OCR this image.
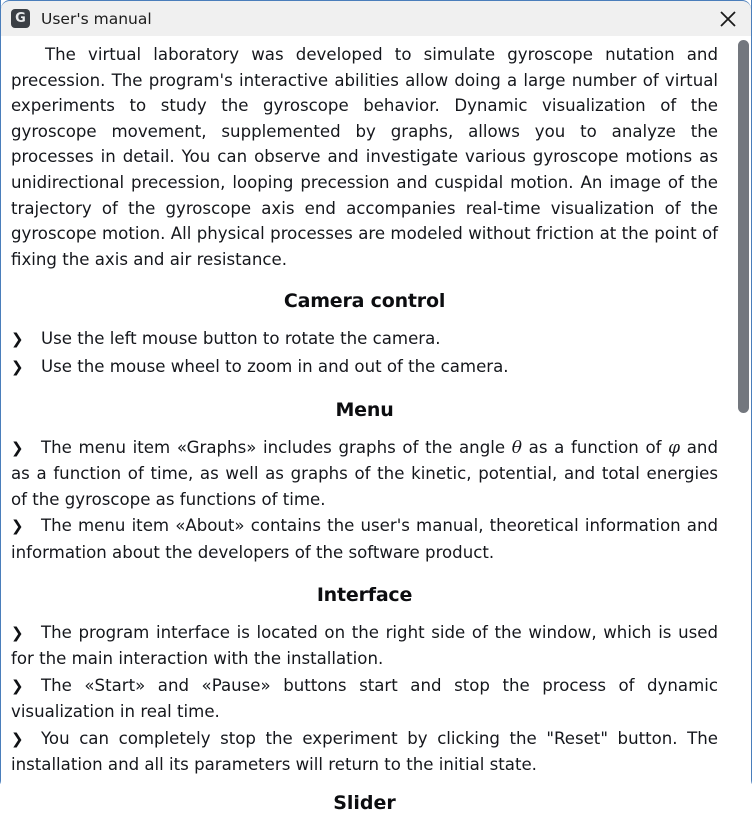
G User's manual

The virtual laboratory was developed to simulate gyroscope nutation and precession. The program's interactive abilities allow doing a large number of virtual experiments to study the gyroscope behavior. Dynamic visualization of the gyroscope movement, supplemented by graphs, allows you to analyze the processes in detail. You can observe and investigate various gyroscope motions as unidirectional precession, looping precession and cuspidal motion. An image of the trajectory of the gyroscope axis end accompanies real-time visualization of the gyroscope motion. All physical processes are modeled without friction at the point of fixing the axis and air resistance.

Camera control
❯ Use the left mouse button to rotate the camera.
❯ Use the mouse wheel to zoom in and out of the camera.
Menu
❯ The menu item «Graphs» includes graphs of the angle θ as a function of φ and as a function of time, as well as graphs of the kinetic, potential, and total energies of the gyroscope as functions of time.
❯ The menu item «About» contains the user's manual, theoretical information and information about the developers of the software product.
Interface
❯ The program interface is located on the right side of the window, which is used for the main interaction with the installation.
❯ The «Start» and «Pause» buttons start and stop the process of dynamic visualization in real time.
❯ You can completely stop the experiment by clicking the "Reset" button. The installation and all its parameters will return to the initial state.
Slider
